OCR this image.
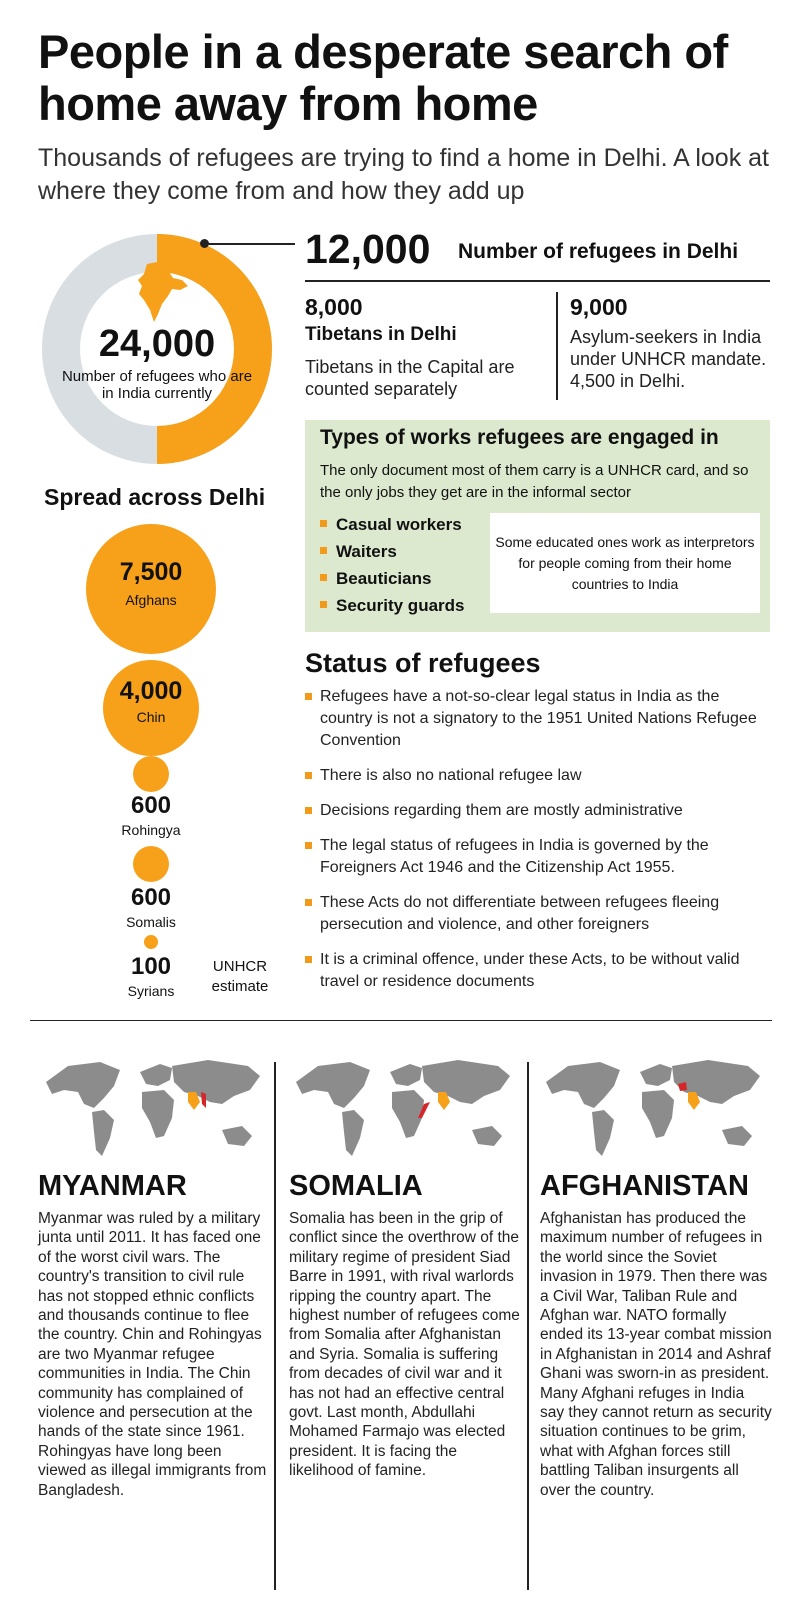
People in a desperate search of home away from home
Thousands of refugees are trying to find a home in Delhi. A look at where they come from and how they add up
24,000
Number of refugees who are in India currently
12,000 Number of refugees in Delhi
8,000
Tibetans in Delhi
Tibetans in the Capital are counted separately
9,000
Asylum-seekers in India under UNHCR mandate. 4,500 in Delhi.
Types of works refugees are engaged in
The only document most of them carry is a UNHCR card, and so the only jobs they get are in the informal sector
Casual workers
Waiters
Beauticians
Security guards
Some educated ones work as interpretors for people coming from their home countries to India
Spread across Delhi
7,500
Afghans
4,000
Chin
600
Rohingya
600
Somalis
100
Syrians
UNHCR estimate
Status of refugees
Refugees have a not-so-clear legal status in India as the country is not a signatory to the 1951 United Nations Refugee Convention
There is also no national refugee law
Decisions regarding them are mostly administrative
The legal status of refugees in India is governed by the Foreigners Act 1946 and the Citizenship Act 1955.
These Acts do not differentiate between refugees fleeing persecution and violence, and other foreigners
It is a criminal offence, under these Acts, to be without valid travel or residence documents
MYANMAR
Myanmar was ruled by a military junta until 2011. It has faced one of the worst civil wars. The country's transition to civil rule has not stopped ethnic conflicts and thousands continue to flee the country. Chin and Rohingyas are two Myanmar refugee communities in India. The Chin community has complained of violence and persecution at the hands of the state since 1961. Rohingyas have long been viewed as illegal immigrants from Bangladesh.
SOMALIA
Somalia has been in the grip of conflict since the overthrow of the military regime of president Siad Barre in 1991, with rival warlords ripping the country apart. The highest number of refugees come from Somalia after Afghanistan and Syria. Somalia is suffering from decades of civil war and it has not had an effective central govt. Last month, Abdullahi Mohamed Farmajo was elected president. It is facing the likelihood of famine.
AFGHANISTAN
Afghanistan has produced the maximum number of refugees in the world since the Soviet invasion in 1979. Then there was a Civil War, Taliban Rule and Afghan war. NATO formally ended its 13-year combat mission in Afghanistan in 2014 and Ashraf Ghani was sworn-in as president. Many Afghani refuges in India say they cannot return as security situation continues to be grim, what with Afghan forces still battling Taliban insurgents all over the country.
